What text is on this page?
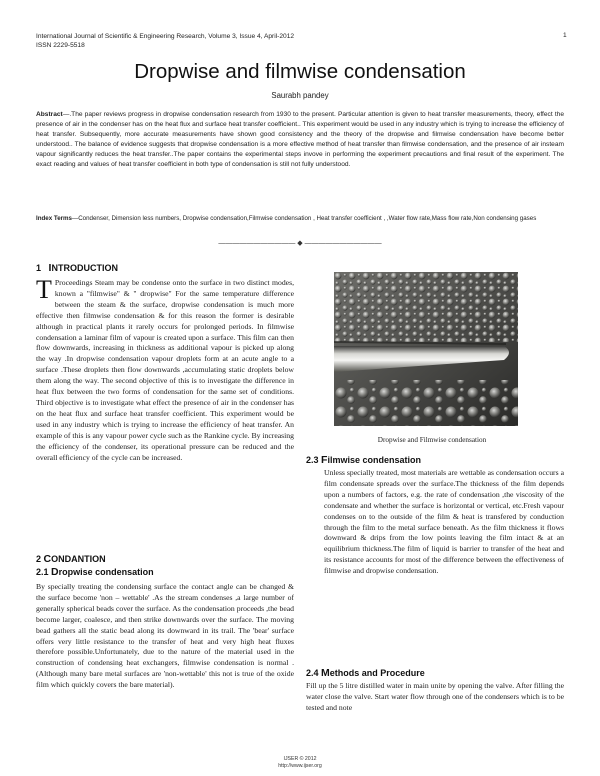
International Journal of Scientific & Engineering Research, Volume 3, Issue 4, April-2012
ISSN 2229-5518
1
Dropwise and filmwise condensation
Saurabh pandey
Abstract—.The paper reviews progress in dropwise condensation research from 1930 to the present. Particular attention is given to heat transfer measurements, theory, effect the presence of air in the condenser has on the heat flux and surface heat transfer coefficient.. This experiment would be used in any industry which is trying to increase the efficiency of heat transfer. Subsequently, more accurate measurements have shown good consistency and the theory of the dropwise and filmwise condensation have become better understood.. The balance of evidence suggests that dropwise condensation is a more effective method of heat transfer than filmwise condensation, and the presence of air insteam vapour significantly reduces the heat transfer..The paper contains the experimental steps invove in performing the experiment precautions and final result of the experiment. The exact reading and values of heat transfer coefficient in both type of condensation is still not fully understood.
Index Terms—Condenser, Dimension less numbers, Dropwise condensation,Filmwise condensation , Heat transfer coefficient , ,Water flow rate,Mass flow rate,Non condensing gases
——————————— ◆ ———————————
1 INTRODUCTION
T Proceedings Steam may be condense onto the surface in two distinct modes, known a "filmwise" & " dropwise" For the same temperature difference between the steam & the surface, dropwise condensation is much more effective then filmwise condensation & for this reason the former is desirable although in practical plants it rarely occurs for prolonged periods. In filmwise condensation a laminar film of vapour is created upon a surface. This film can then flow downwards, increasing in thickness as additional vapour is picked up along the way .In dropwise condensation vapour droplets form at an acute angle to a surface .These droplets then flow downwards ,accumulating static droplets below them along the way. The second objective of this is to investigate the difference in heat flux between the two forms of condensation for the same set of conditions. Third objective is to investigate what effect the presence of air in the condenser has on the heat flux and surface heat transfer coefficient. This experiment would be used in any industry which is trying to increase the efficiency of heat transfer. An example of this is any vapour power cycle such as the Rankine cycle. By increasing the efficiency of the condenser, its operational pressure can be reduced and the overall efficiency of the cycle can be increased.
2 CONDANTION
2.1 Dropwise condensation
By specially treating the condensing surface the contact angle can be changed & the surface become 'non – wettable' .As the stream condenses ,a large number of generally spherical beads cover the surface. As the condensation proceeds ,the bead become larger, coalesce, and then strike downwards over the surface. The moving bead gathers all the static bead along its downward in its trail. The 'bear' surface offers very little resistance to the transfer of heat and very high heat fluxes therefore possible.Unfortunately, due to the nature of the material used in the construction of condensing heat exchangers, filmwise condensation is normal .(Although many bare metal surfaces are 'non-wettable' this not is true of the oxide film which quickly covers the bare material).
Dropwise and Filmwise condensation
2.3 Filmwise condensation
Unless specially treated, most materials are wettable as condensation occurs a film condensate spreads over the surface.The thickness of the film depends upon a numbers of factors, e.g. the rate of condensation ,the viscosity of the condensate and whether the surface is horizontal or vertical, etc.Fresh vapour condenses on to the outside of the film & heat is transfered by conduction through the film to the metal surface beneath. As the film thickness it flows downward & drips from the low points leaving the film intact & at an equilibrium thickness.The film of liquid is barrier to transfer of the heat and its resistance accounts for most of the difference between the effectiveness of filmwise and dropwise condensation.
2.4 Methods and Procedure
Fill up the 5 litre distilled water in main unite by opening the valve. After filling the water close the valve. Start water flow through one of the condensers which is to be tested and note
IJSER © 2012
http://www.ijser.org
